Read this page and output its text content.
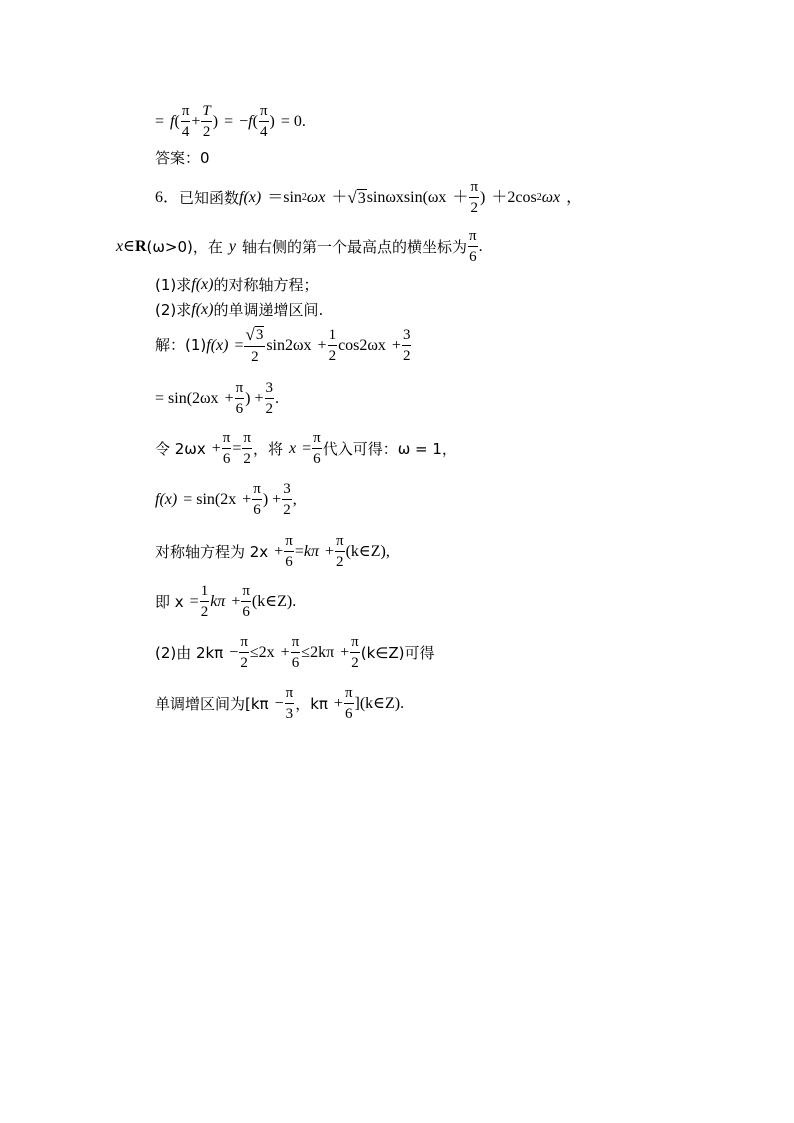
= f ( $\frac{\pi}{4} + \frac{T}{2}$ ) = − f ( $\frac{\pi}{4}$ ) = 0.
答案：0
6 ． 已知函数 f(x) ＝sin 2 ωx ＋ √ 3 $\sin\omega xsin(\omega x + \frac{\pi}{2}$ ) ＋2cos 2 ωx ，
x ∈ R (ω>0)，在 y 轴右侧的第一个最高点的横坐标为 $\frac{\pi}{6}$ .
(1)求 f(x) 的对称轴方程；
(2)求 f(x) 的单调递增区间.
解：(1) $f(x) = \frac{√ 3}{2} \sin 2\omega x + \frac{1}{2} \cos 2\omega x + \frac{3}{2}$
= $\sin(2\omega x + \frac{\pi}{6}$ ) + $\frac{3}{2}$ .
令 $2\omega x + \frac{\pi}{6} = \frac{\pi}{2}$ ，将 $x = \frac{\pi}{6}$ 代入可得：ω = 1，
$f(x) = \sin(2x + \frac{\pi}{6}$ ) + $\frac{3}{2}$ ,
对称轴方程为 $2x + \frac{\pi}{6} = k\pi + \frac{\pi}{2}$ (k∈Z),
即 $x = \frac{1}{2}$ $k\pi + \frac{\pi}{6}$ (k∈Z).
(2)由 $2k\pi - \frac{\pi}{2} \le 2x + \frac{\pi}{6} \le 2k\pi + \frac{\pi}{2}$ (k∈Z)可得
单调增区间为[$k\pi - \frac{\pi}{3}$ ，$k\pi + \frac{\pi}{6}$ ](k∈Z).
